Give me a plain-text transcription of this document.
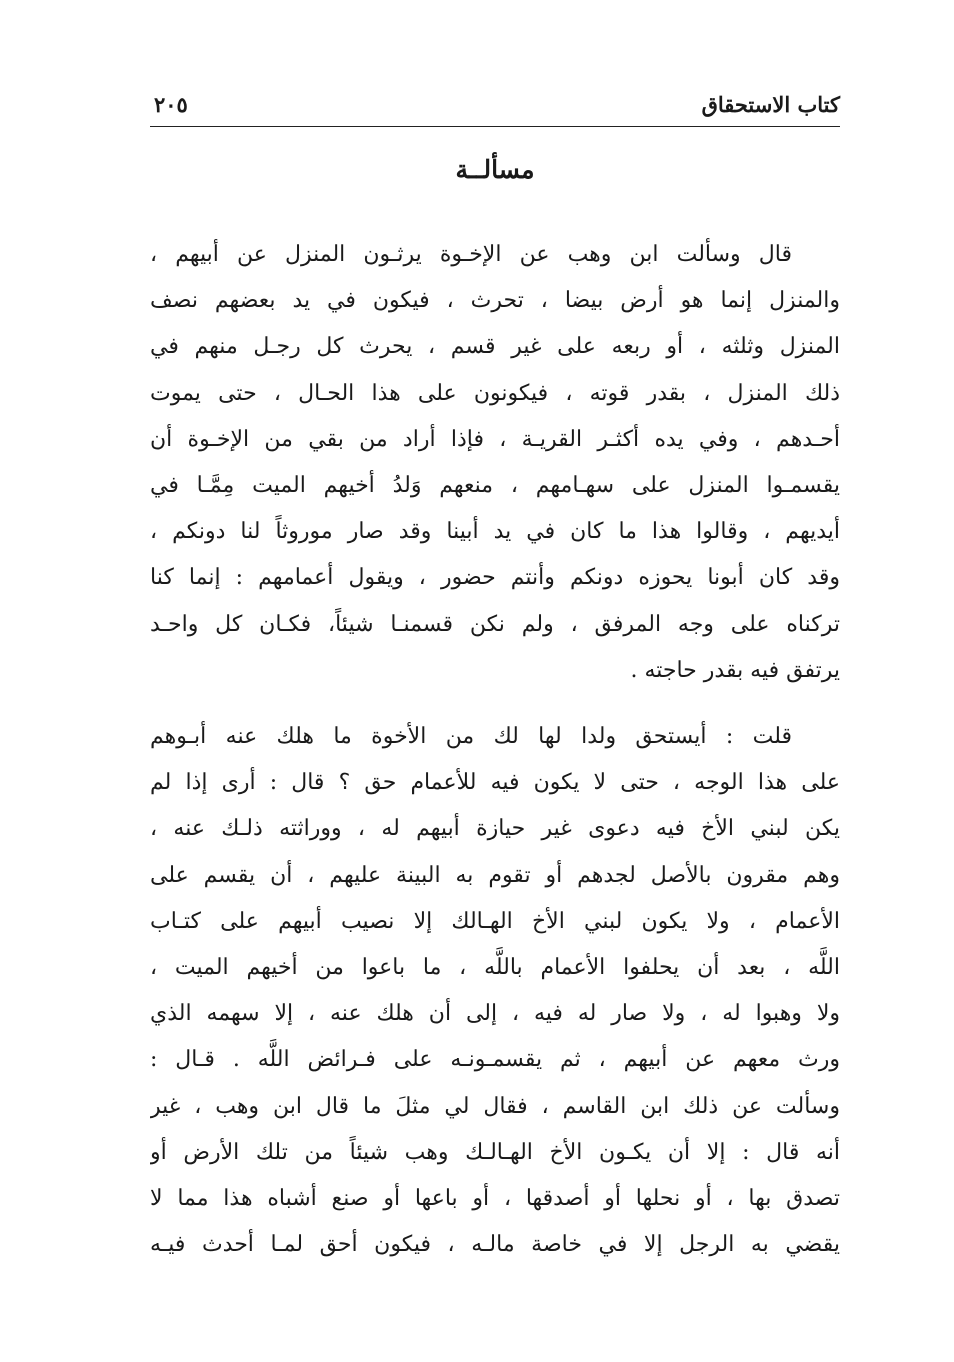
كتاب الاستحقاق
٢٠٥
مسألــة
قال وسألت ابن وهب عن الإخـوة يرثـون المنزل عن أبيهم ،
والمنزل إنما هو أرض بيضا ، تحرث ، فيكون في يد بعضهم نصف
المنزل وثلثه ، أو ربعه على غير قسم ، يحرث كل رجـل منهم في
ذلك المنزل ، بقدر قوته ، فيكونون على هذا الحـال ، حتى يموت
أحـدهم ، وفي يده أكثـر القريـة ، فإذا أراد من بقي من الإخـوة أن
يقسمـوا المنزل على سهـامهم ، منعهم وَلدُ أخيهم الميت مِمَّـا في
أيديهم ، وقالوا هذا ما كان في يد أبينا وقد صار موروثاً لنا دونكم ،
وقد كان أبونا يحوزه دونكم وأنتم حضور ، ويقول أعمامهم : إنما كنا
تركناه على وجه المرفق ، ولم نكن قسمنـا شيئاً، فكـان كل واحـد
يرتفق فيه بقدر حاجته .
قلت : أيستحق ولدا لها لك من الأخوة ما هلك عنه أبـوهم
على هذا الوجه ، حتى لا يكون فيه للأعمام حق ؟ قال : أرى إذا لم
يكن لبني الأخ فيه دعوى غير حيازة أبيهم له ، ووراثته ذلـك عنه ،
وهم مقرون بالأصل لجدهم أو تقوم به البينة عليهم ، أن يقسم على
الأعمام ، ولا يكون لبني الأخ الهـالك إلا نصيب أبيهم على كتـاب
اللَّه ، بعد أن يحلفوا الأعمام باللَّه ، ما باعوا من أخيهم الميت ،
ولا وهبوا له ، ولا صار له فيه ، إلى أن هلك عنه ، إلا سهمه الذي
ورث معهم عن أبيهم ، ثم يقسمـونـه على فـرائض اللَّه . قـال :
وسألت عن ذلك ابن القاسم ، فقال لي مثلَ ما قال ابن وهب ، غير
أنه قال : إلا أن يكـون الأخ الهـالـك وهب شيئاً من تلك الأرض أو
تصدق بها ، أو نحلها أو أصدقها ، أو باعها أو صنع أشباه هذا مما لا
يقضي به الرجل إلا في خاصة مالـه ، فيكون أحق لمـا أحدث فيـه
